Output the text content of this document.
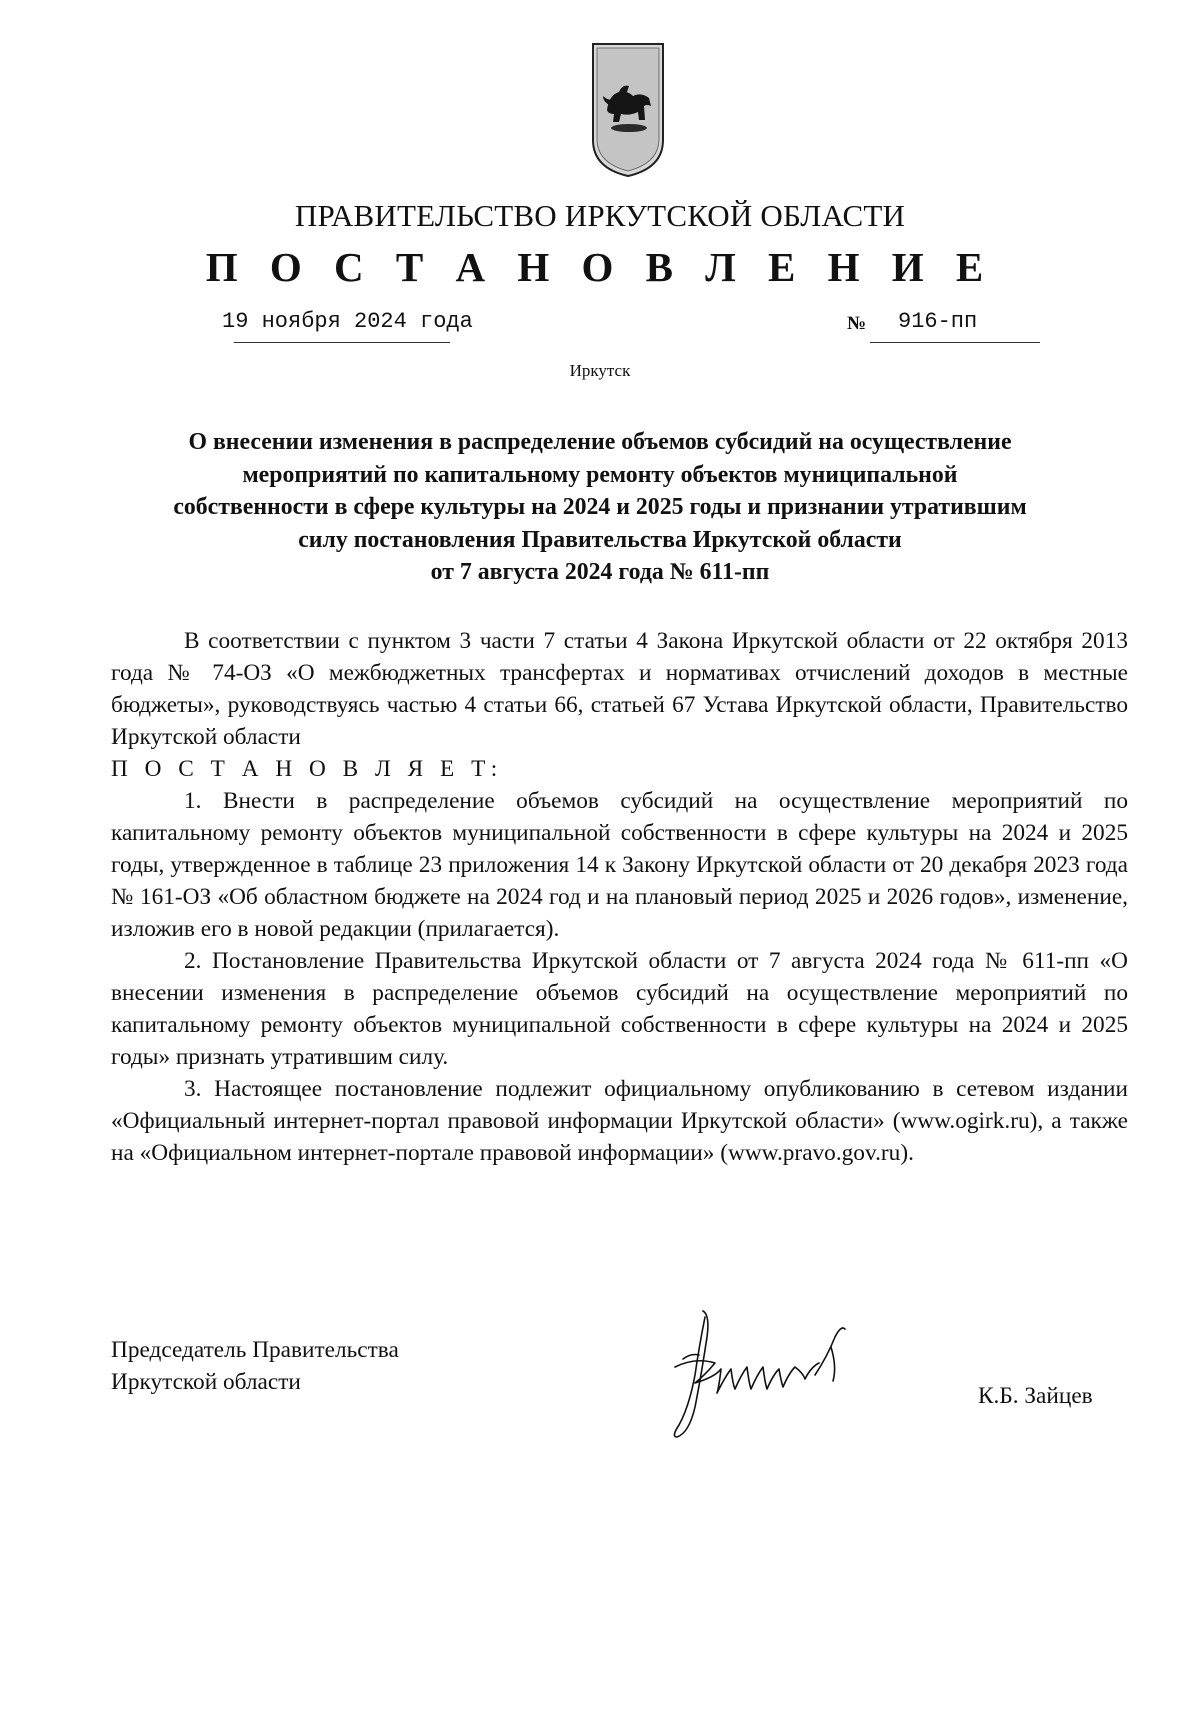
ПРАВИТЕЛЬСТВО ИРКУТСКОЙ ОБЛАСТИ
П О С Т А Н О В Л Е Н И Е
19 ноября 2024 года	№ 916-пп
Иркутск
О внесении изменения в распределение объемов субсидий на осуществление
мероприятий по капитальному ремонту объектов муниципальной
собственности в сфере культуры на 2024 и 2025 годы и признании утратившим
силу постановления Правительства Иркутской области
от 7 августа 2024 года № 611-пп

В соответствии с пунктом 3 части 7 статьи 4 Закона Иркутской области от 22 октября 2013 года № 74-ОЗ «О межбюджетных трансфертах и нормативах отчислений доходов в местные бюджеты», руководствуясь частью 4 статьи 66, статьей 67 Устава Иркутской области, Правительство Иркутской области

П О С Т А Н О В Л Я Е Т:

1. Внести в распределение объемов субсидий на осуществление мероприятий по капитальному ремонту объектов муниципальной собственности в сфере культуры на 2024 и 2025 годы, утвержденное в таблице 23 приложения 14 к Закону Иркутской области от 20 декабря 2023 года № 161-ОЗ «Об областном бюджете на 2024 год и на плановый период 2025 и 2026 годов», изменение, изложив его в новой редакции (прилагается).

2. Постановление Правительства Иркутской области от 7 августа 2024 года № 611-пп «О внесении изменения в распределение объемов субсидий на осуществление мероприятий по капитальному ремонту объектов муниципальной собственности в сфере культуры на 2024 и 2025 годы» признать утратившим силу.

3. Настоящее постановление подлежит официальному опубликованию в сетевом издании «Официальный интернет-портал правовой информации Иркутской области» (www.ogirk.ru), а также на «Официальном интернет-портале правовой информации» (www.pravo.gov.ru).

Председатель Правительства
Иркутской области
К.Б. Зайцев
